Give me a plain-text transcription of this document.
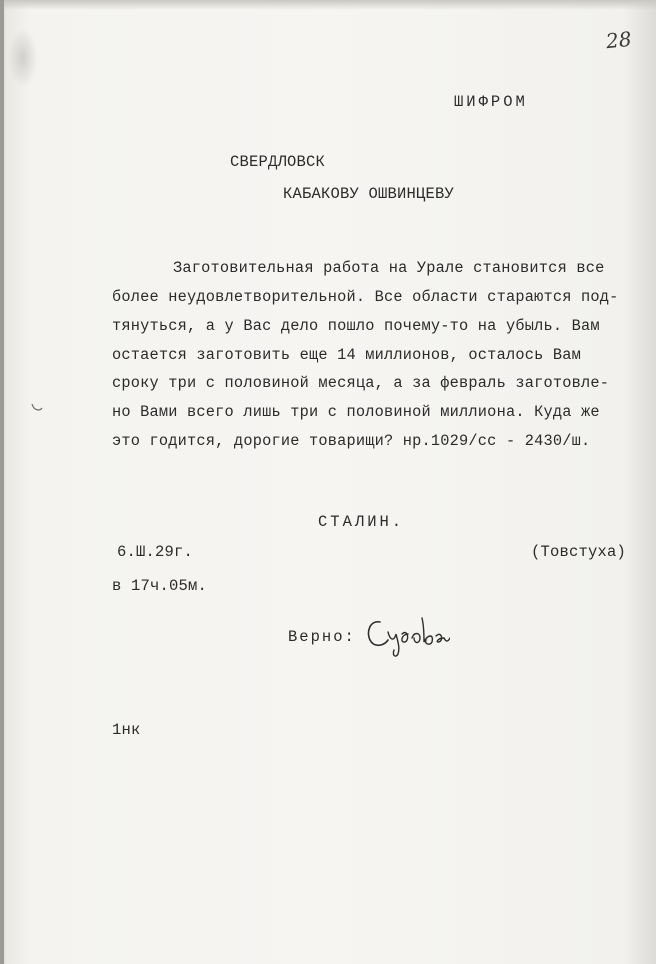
28
ШИФРОМ
СВЕРДЛОВСК
КАБАКОВУ ОШВИНЦЕВУ
Заготовительная работа на Урале становится все
более неудовлетворительной. Все области стараются под-
тянуться, а у Вас дело пошло почему-то на убыль. Вам
остается заготовить еще 14 миллионов, осталось Вам
сроку три с половиной месяца, а за февраль заготовле-
но Вами всего лишь три с половиной миллиона. Куда же
это годится, дорогие товарищи? нр.1029/сс - 2430/ш.
СТАЛИН.
6.Ш.29г.	(Товстуха)
в 17ч.05м.
Верно:
1нк
